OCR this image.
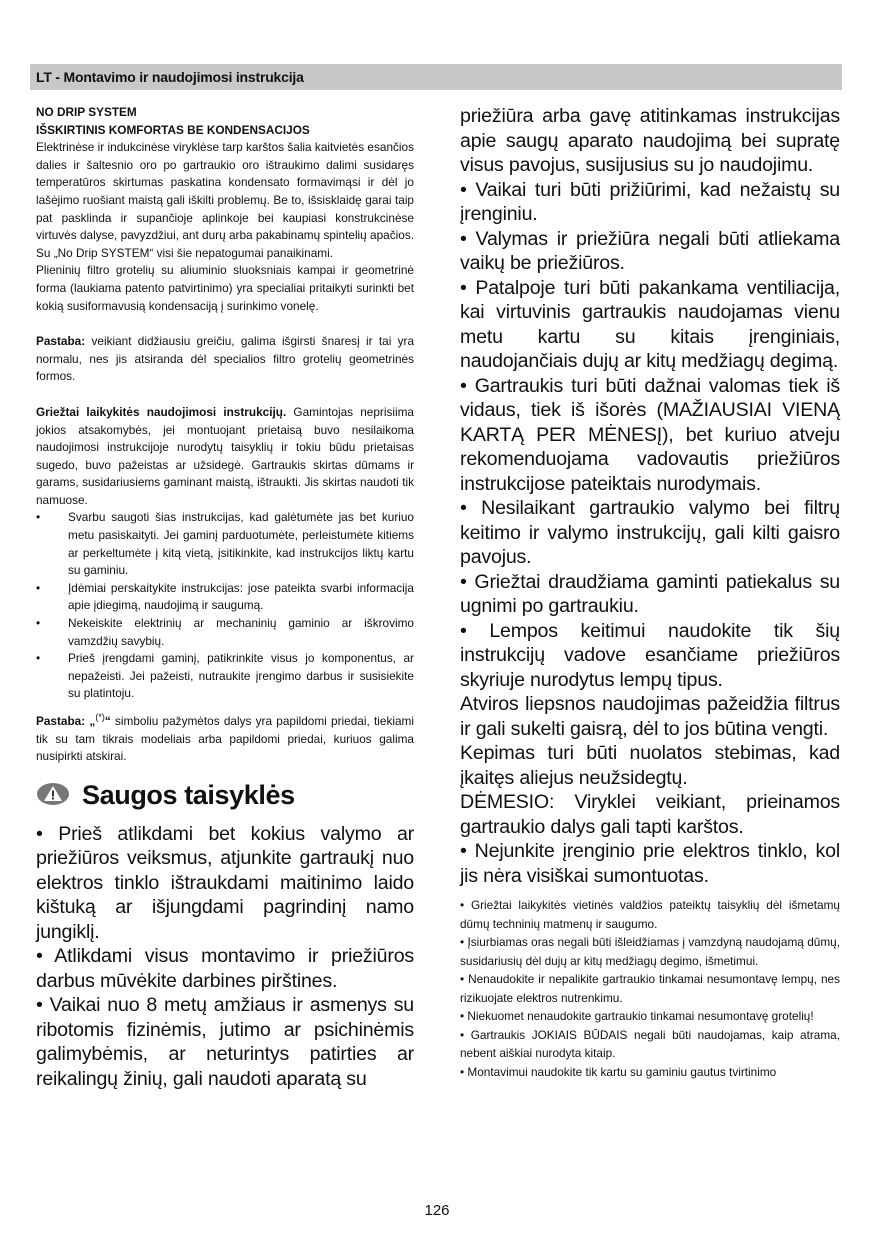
LT - Montavimo ir naudojimosi instrukcija

NO DRIP SYSTEM

IŠSKIRTINIS KOMFORTAS BE KONDENSACIJOS

Elektrinėse ir indukcinėse viryklėse tarp karštos šalia kaitvietės esančios dalies ir šaltesnio oro po gartraukio oro ištraukimo dalimi susidaręs temperatūros skirtumas paskatina kondensato formavimąsi ir dėl jo lašėjimo ruošiant maistą gali iškilti problemų. Be to, išsisklaidę garai taip pat pasklinda ir supančioje aplinkoje bei kaupiasi konstrukcinėse virtuvės dalyse, pavyzdžiui, ant durų arba pakabinamų spintelių apačios. Su „No Drip SYSTEM“ visi šie nepatogumai panaikinami.

Plieninių filtro grotelių su aliuminio sluoksniais kampai ir geometrinė forma (laukiama patento patvirtinimo) yra specialiai pritaikyti surinkti bet kokią susiformavusią kondensaciją į surinkimo vonelę.

Pastaba: veikiant didžiausiu greičiu, galima išgirsti šnaresį ir tai yra normalu, nes jis atsiranda dėl specialios filtro grotelių geometrinės formos.

Griežtai laikykitės naudojimosi instrukcijų. Gamintojas neprisiima jokios atsakomybės, jei montuojant prietaisą buvo nesilaikoma naudojimosi instrukcijoje nurodytų taisyklių ir tokiu būdu prietaisas sugedo, buvo pažeistas ar užsidegė. Gartraukis skirtas dūmams ir garams, susidariusiems gaminant maistą, ištraukti. Jis skirtas naudoti tik namuose.

• Svarbu saugoti šias instrukcijas, kad galėtumėte jas bet kuriuo metu pasiskaityti. Jei gaminį parduotumėte, perleistumėte kitiems ar perkeltumėte į kitą vietą, įsitikinkite, kad instrukcijos liktų kartu su gaminiu.
• Įdėmiai perskaitykite instrukcijas: jose pateikta svarbi informacija apie įdiegimą, naudojimą ir saugumą.
• Nekeiskite elektrinių ar mechaninių gaminio ar iškrovimo vamzdžių savybių.
• Prieš įrengdami gaminį, patikrinkite visus jo komponentus, ar nepažeisti. Jei pažeisti, nutraukite įrengimo darbus ir susisiekite su platintoju.

Pastaba: „(*)“ simboliu pažymėtos dalys yra papildomi priedai, tiekiami tik su tam tikrais modeliais arba papildomi priedai, kuriuos galima nusipirkti atskirai.

Saugos taisyklės

• Prieš atlikdami bet kokius valymo ar priežiūros veiksmus, atjunkite gartraukį nuo elektros tinklo ištraukdami maitinimo laido kištuką ar išjungdami pagrindinį namo jungiklį.

• Atlikdami visus montavimo ir priežiūros darbus mūvėkite darbines pirštines.

• Vaikai nuo 8 metų amžiaus ir asmenys su ribotomis fizinėmis, jutimo ar psichinėmis galimybėmis, ar neturintys patirties ar reikalingų žinių, gali naudoti aparatą su

priežiūra arba gavę atitinkamas instrukcijas apie saugų aparato naudojimą bei supratę visus pavojus, susijusius su jo naudojimu.

• Vaikai turi būti prižiūrimi, kad nežaistų su įrenginiu.

• Valymas ir priežiūra negali būti atliekama vaikų be priežiūros.

• Patalpoje turi būti pakankama ventiliacija, kai virtuvinis gartraukis naudojamas vienu metu kartu su kitais įrenginiais, naudojančiais dujų ar kitų medžiagų degimą.

• Gartraukis turi būti dažnai valomas tiek iš vidaus, tiek iš išorės (MAŽIAUSIAI VIENĄ KARTĄ PER MĖNESĮ), bet kuriuo atveju rekomenduojama vadovautis priežiūros instrukcijose pateiktais nurodymais.

• Nesilaikant gartraukio valymo bei filtrų keitimo ir valymo instrukcijų, gali kilti gaisro pavojus.

• Griežtai draudžiama gaminti patiekalus su ugnimi po gartraukiu.

• Lempos keitimui naudokite tik šių instrukcijų vadove esančiame priežiūros skyriuje nurodytus lempų tipus.

Atviros liepsnos naudojimas pažeidžia filtrus ir gali sukelti gaisrą, dėl to jos būtina vengti.

Kepimas turi būti nuolatos stebimas, kad įkaitęs aliejus neužsidegtų.

DĖMESIO: Viryklei veikiant, prieinamos gartraukio dalys gali tapti karštos.

• Nejunkite įrenginio prie elektros tinklo, kol jis nėra visiškai sumontuotas.

• Griežtai laikykitės vietinės valdžios pateiktų taisyklių dėl išmetamų dūmų techninių matmenų ir saugumo.

• Įsiurbiamas oras negali būti išleidžiamas į vamzdyną naudojamą dūmų, susidariusių dėl dujų ar kitų medžiagų degimo, išmetimui.

• Nenaudokite ir nepalikite gartraukio tinkamai nesumontavę lempų, nes rizikuojate elektros nutrenkimu.

• Niekuomet nenaudokite gartraukio tinkamai nesumontavę grotelių!

• Gartraukis JOKIAIS BŪDAIS negali būti naudojamas, kaip atrama, nebent aiškiai nurodyta kitaip.

• Montavimui naudokite tik kartu su gaminiu gautus tvirtinimo

126
